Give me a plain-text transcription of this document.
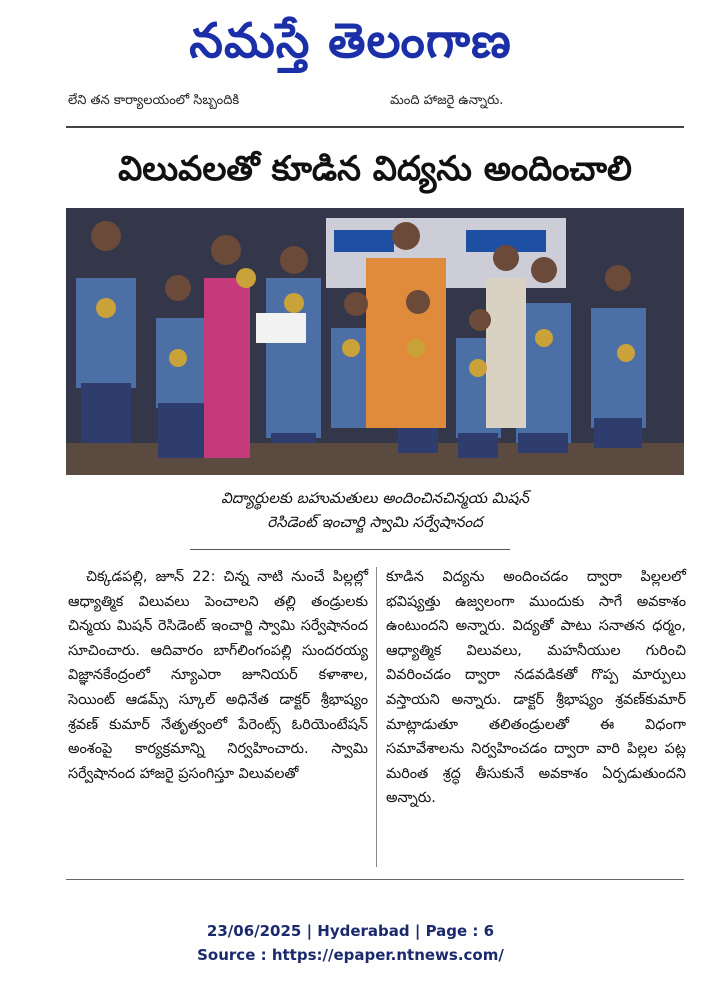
నమస్తే తెలంగాణ
లేని తన కార్యాలయంలో సిబ్బందికి	మంది హాజరై ఉన్నారు.
విలువలతో కూడిన విద్యను అందించాలి
విద్యార్థులకు బహుమతులు అందించినచిన్మయ మిషన్
రెసిడెంట్ ఇంచార్జి స్వామి సర్వేషానంద

చిక్కడపల్లి, జూన్ 22: చిన్న నాటి నుంచే పిల్లల్లో ఆధ్యాత్మిక విలువలు పెంచాలని తల్లి తండ్రులకు చిన్మయ మిషన్ రెసిడెంట్ ఇంచార్జి స్వామి సర్వేషానంద సూచించారు. ఆదివారం బాగ్‌లింగంపల్లి సుందరయ్య విజ్ఞానకేంద్రంలో న్యూఎరా జూనియర్ కళాశాల, సెయింట్ ఆడమ్స్ స్కూల్ అధినేత డాక్టర్ శ్రీభాష్యం శ్రవణ్ కుమార్ నేతృత్వంలో పేరెంట్స్ ఓరియెంటేషన్ అంశంపై కార్యక్రమాన్ని నిర్వహించారు. స్వామి సర్వేషానంద హాజరై ప్రసంగిస్తూ విలువలతో

కూడిన విద్యను అందించడం ద్వారా పిల్లలలో భవిష్యత్తు ఉజ్వలంగా ముందుకు సాగే అవకాశం ఉంటుందని అన్నారు. విద్యతో పాటు సనాతన ధర్మం, ఆధ్యాత్మిక విలువలు, మహనీయుల గురించి వివరించడం ద్వారా నడవడికతో గొప్ప మార్పులు వస్తాయని అన్నారు. డాక్టర్ శ్రీభాష్యం శ్రవణ్‌కుమార్ మాట్లాడుతూ తలితండ్రులతో ఈ విధంగా సమావేశాలను నిర్వహించడం ద్వారా వారి పిల్లల పట్ల మరింత శ్రద్ధ తీసుకునే అవకాశం ఏర్పడుతుందని అన్నారు.

23/06/2025 | Hyderabad | Page : 6
Source : https://epaper.ntnews.com/
